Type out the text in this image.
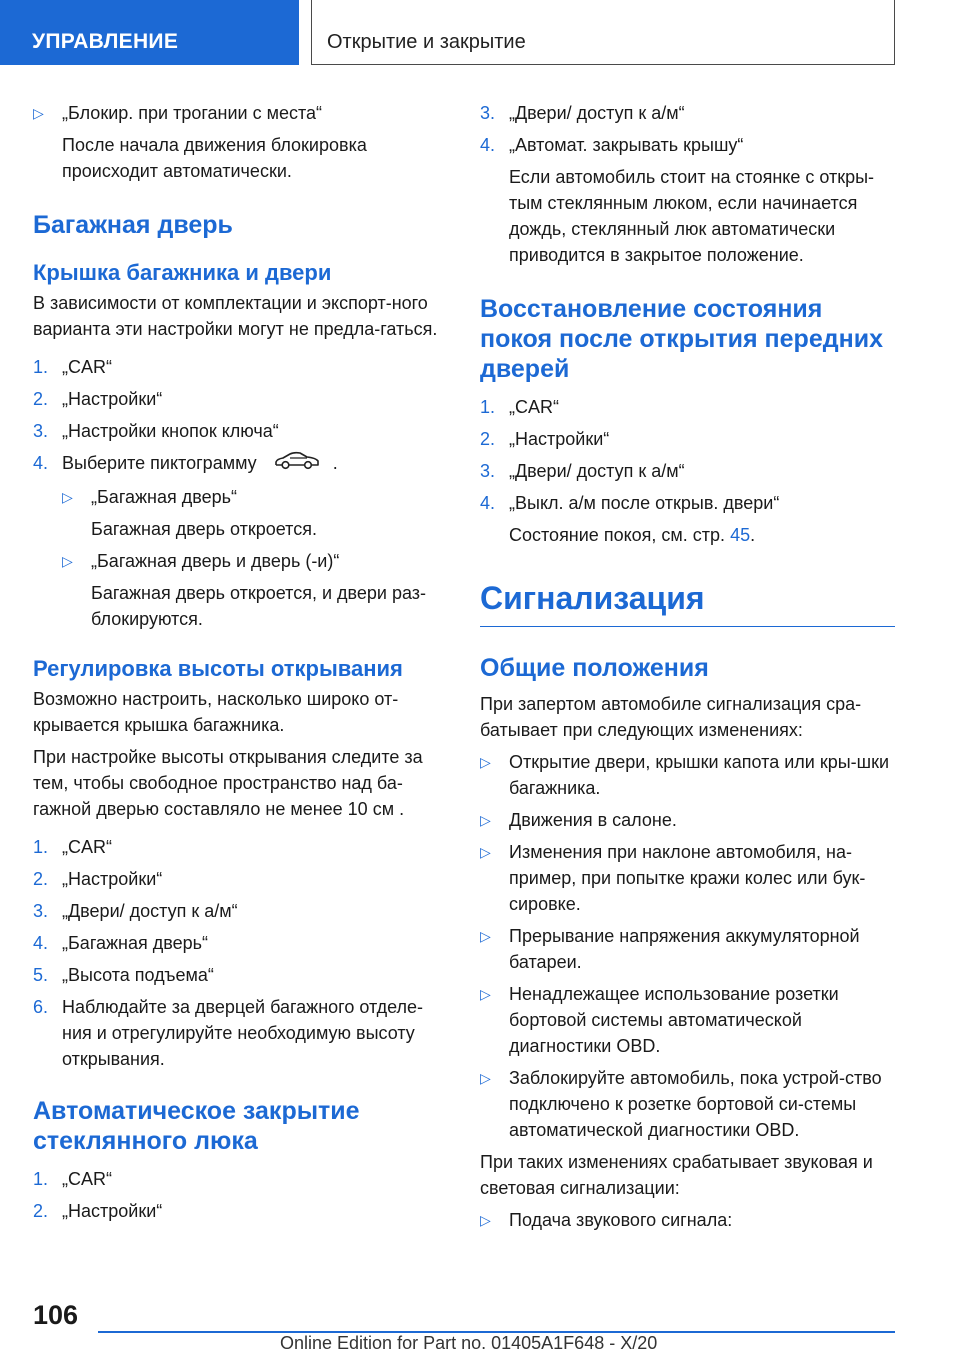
УПРАВЛЕНИЕ	Открытие и закрытие
▷	„Блокир. при трогании с места“

После начала движения блокировка происходит автоматически.

Багажная дверь
Крышка багажника и двери

В зависимости от комплектации и экспорт-ного варианта эти настройки могут не предла-гаться.

1. „CAR“
2. „Настройки“
3. „Настройки кнопок ключа“
4. Выберите пиктограмму	.
▷	„Багажная дверь“

Багажная дверь откроется.

▷	„Багажная дверь и дверь (-и)“

Багажная дверь откроется, и двери раз-блокируются.

Регулировка высоты открывания

Возможно настроить, насколько широко от-крывается крышка багажника.

При настройке высоты открывания следите за тем, чтобы свободное пространство над ба-гажной дверью составляло не менее 10 см .

1. „CAR“
2. „Настройки“
3. „Двери/ доступ к а/м“
4. „Багажная дверь“
5. „Высота подъема“
6. Наблюдайте за дверцей багажного отделе-ния и отрегулируйте необходимую высоту открывания.
Автоматическое закрытие стеклянного люка
1. „CAR“
2. „Настройки“
3. „Двери/ доступ к а/м“
4. „Автомат. закрывать крышу“

Если автомобиль стоит на стоянке с откры-тым стеклянным люком, если начинается дождь, стеклянный люк автоматически приводится в закрытое положение.

Восстановление состояния покоя после открытия передних дверей
1. „CAR“
2. „Настройки“
3. „Двери/ доступ к а/м“
4. „Выкл. а/м после открыв. двери“

Состояние покоя, см. стр. 45.

Сигнализация
Общие положения

При запертом автомобиле сигнализация сра-батывает при следующих изменениях:

▷	Открытие двери, крышки капота или кры-шки багажника.
▷	Движения в салоне.
▷	Изменения при наклоне автомобиля, на-пример, при попытке кражи колес или бук-сировке.
▷	Прерывание напряжения аккумуляторной батареи.
▷	Ненадлежащее использование розетки бортовой системы автоматической диагностики OBD.
▷	Заблокируйте автомобиль, пока устрой-ство подключено к розетке бортовой си-стемы автоматической диагностики OBD.

При таких изменениях срабатывает звуковая и световая сигнализации:

▷	Подача звукового сигнала:
106
Online Edition for Part no. 01405A1F648 - X/20
